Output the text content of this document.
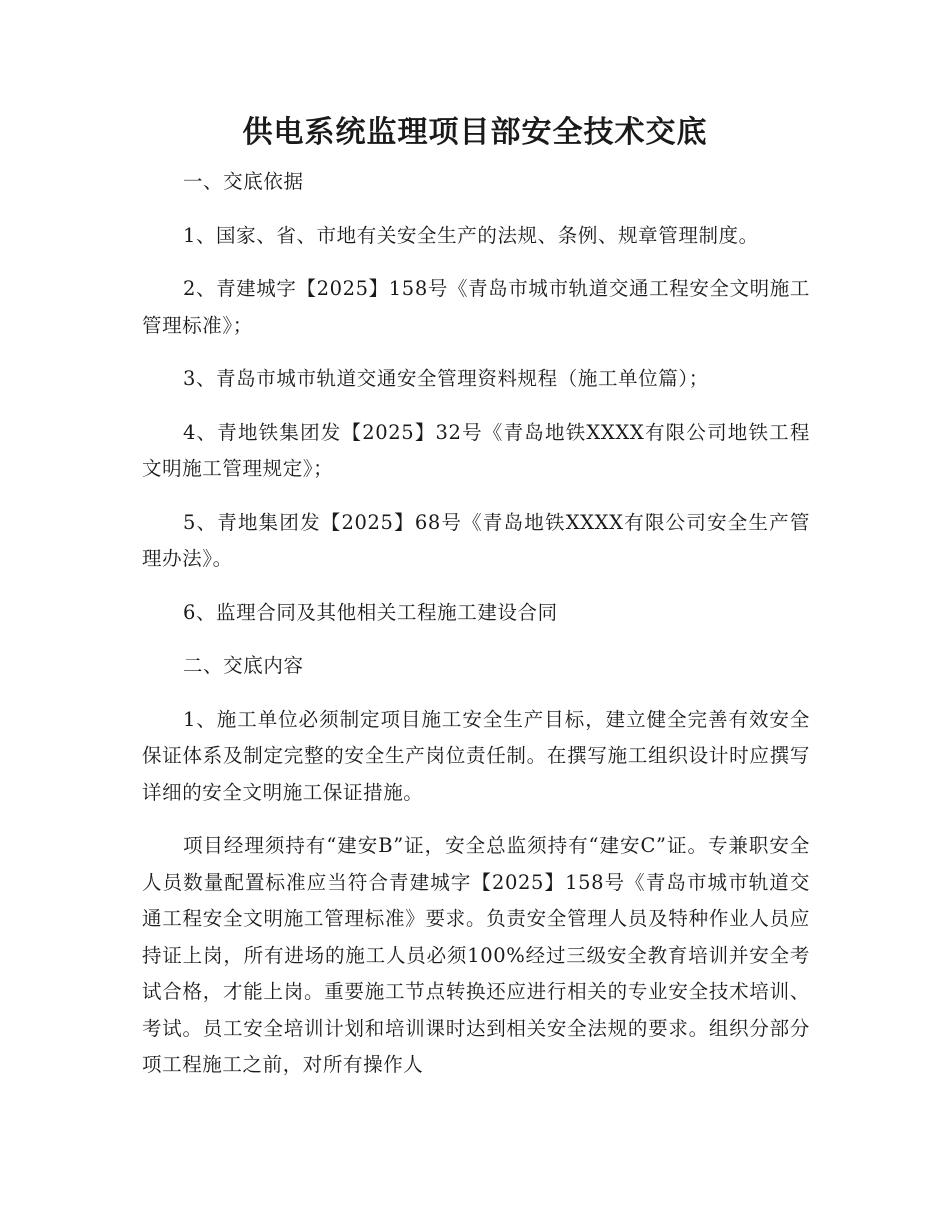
供电系统监理项目部安全技术交底

一、交底依据

1、国家、省、市地有关安全生产的法规、条例、规章管理制度。

2、青建城字【2025】158号《青岛市城市轨道交通工程安全文明施工管理标准》；

3、青岛市城市轨道交通安全管理资料规程（施工单位篇）；

4、青地铁集团发【2025】32号《青岛地铁XXXX有限公司地铁工程文明施工管理规定》；

5、青地集团发【2025】68号《青岛地铁XXXX有限公司安全生产管理办法》。

6、监理合同及其他相关工程施工建设合同

二、交底内容

1、施工单位必须制定项目施工安全生产目标，建立健全完善有效安全保证体系及制定完整的安全生产岗位责任制。在撰写施工组织设计时应撰写详细的安全文明施工保证措施。

项目经理须持有“建安B”证，安全总监须持有“建安C”证。专兼职安全人员数量配置标准应当符合青建城字【2025】158号《青岛市城市轨道交通工程安全文明施工管理标准》要求。负责安全管理人员及特种作业人员应持证上岗，所有进场的施工人员必须100%经过三级安全教育培训并安全考试合格，才能上岗。重要施工节点转换还应进行相关的专业安全技术培训、考试。员工安全培训计划和培训课时达到相关安全法规的要求。组织分部分项工程施工之前，对所有操作人
